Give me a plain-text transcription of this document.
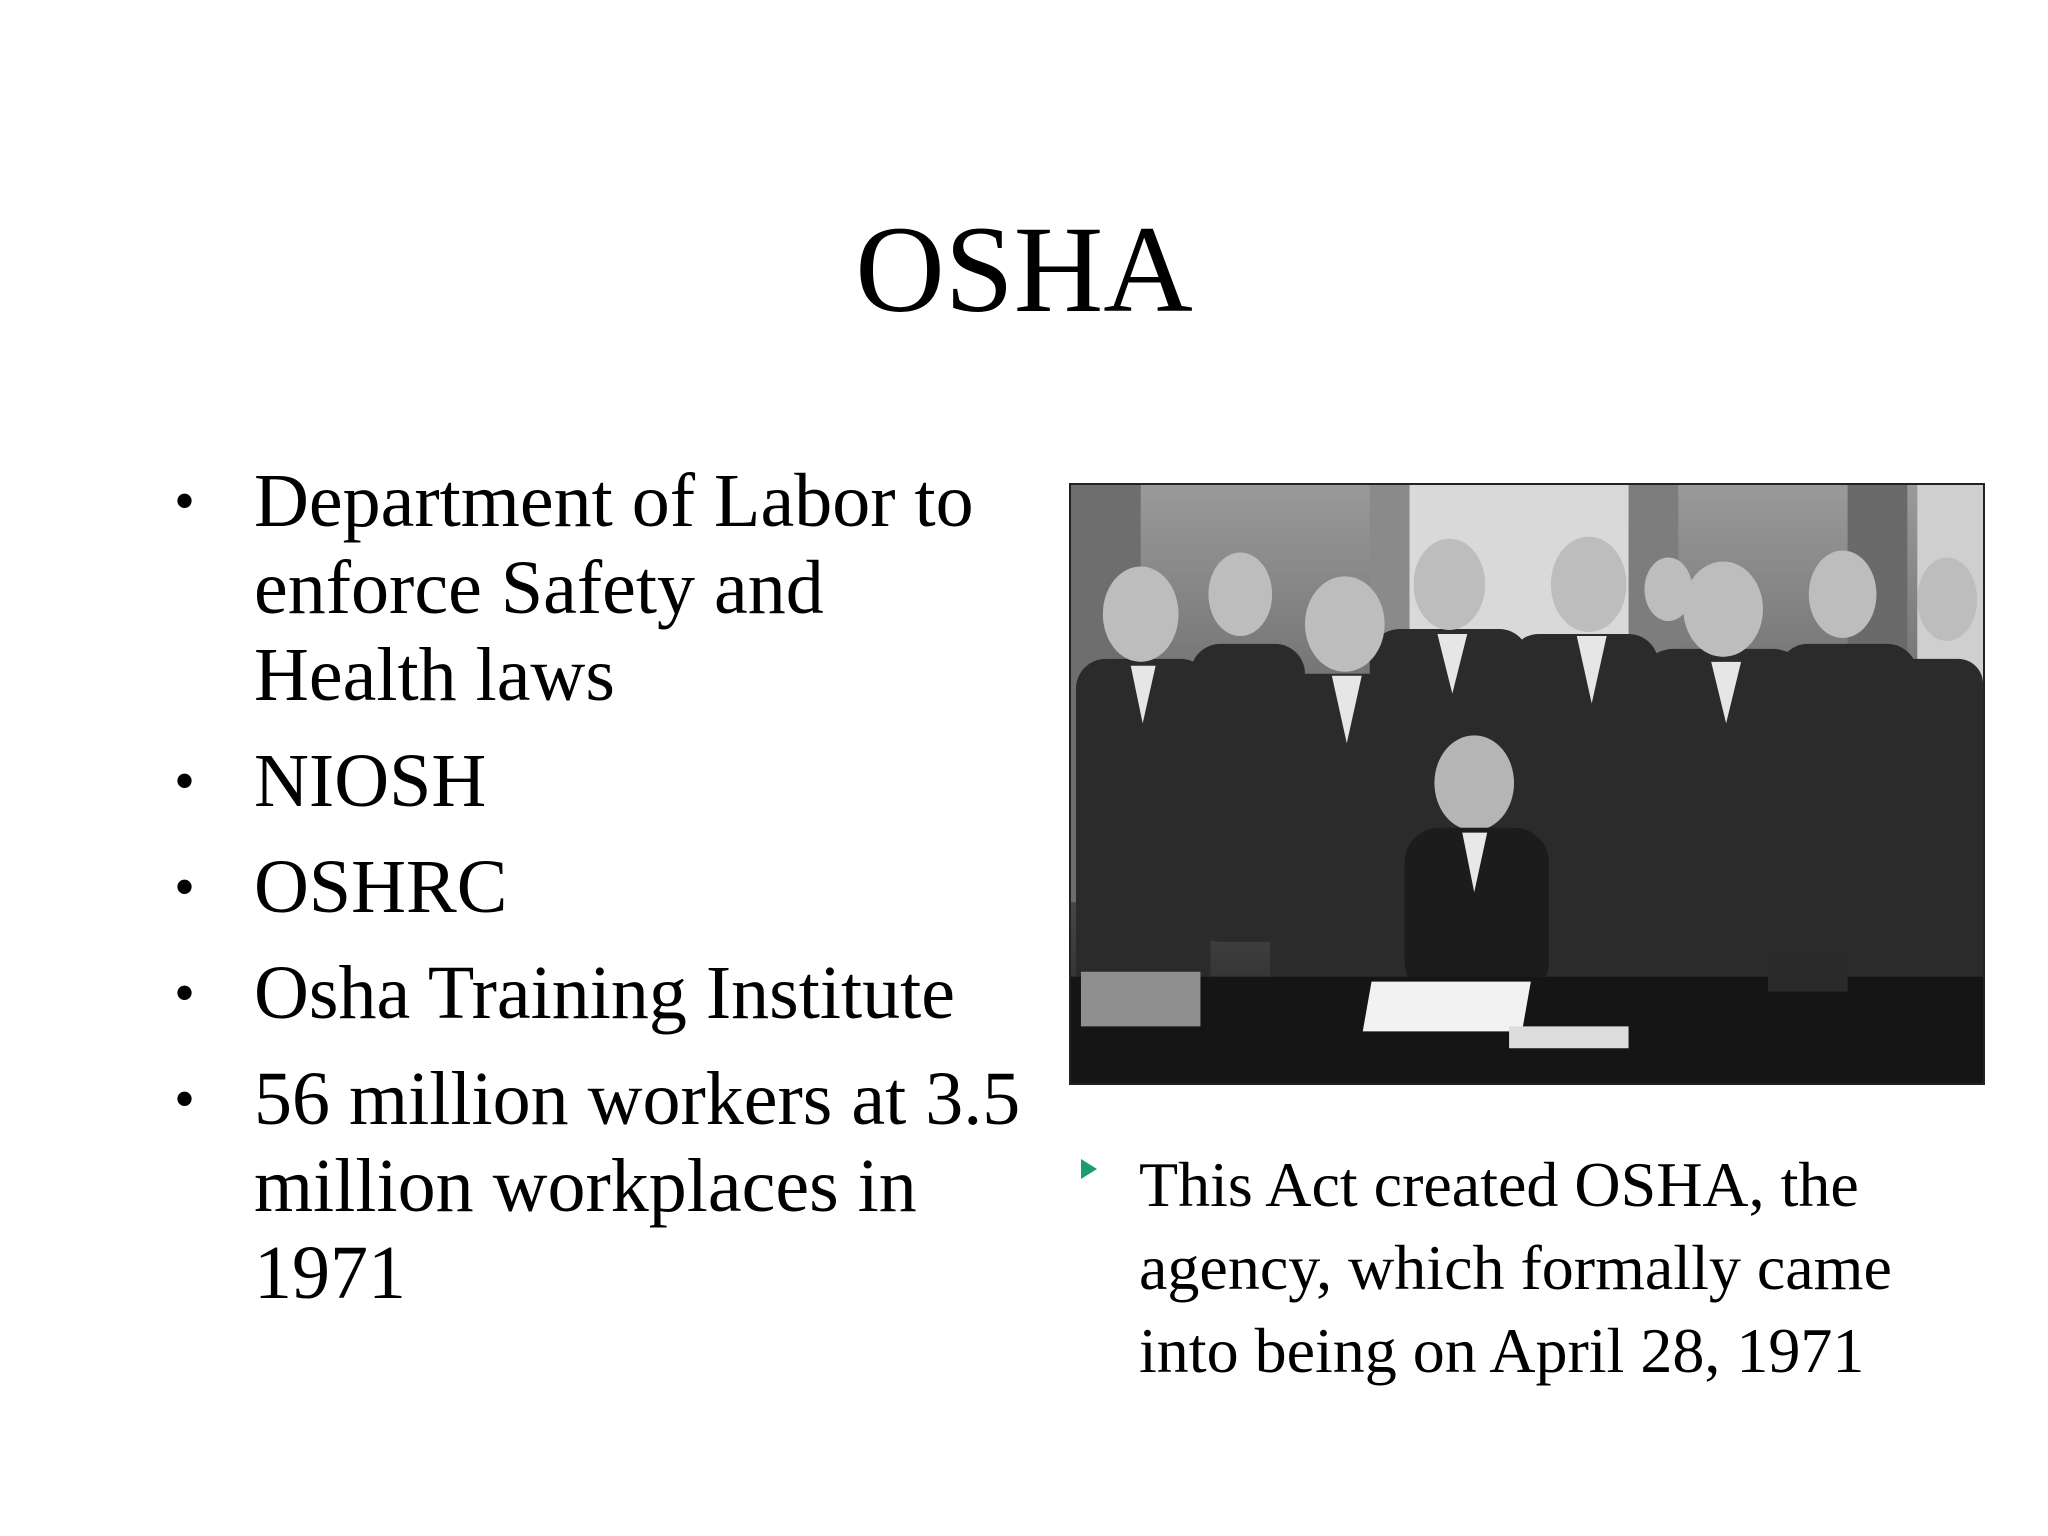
OSHA
• Department of Labor to enforce Safety and Health laws
• NIOSH
• OSHRC
• Osha Training Institute
• 56 million workers at 3.5 million workplaces in 1971
This Act created OSHA, the agency, which formally came into being on April 28, 1971
